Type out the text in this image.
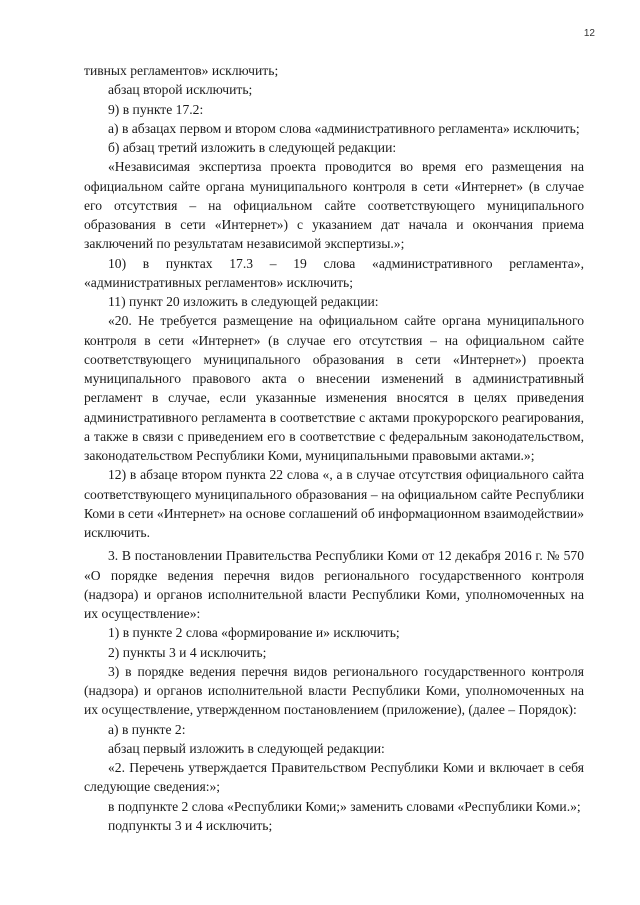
12

тивных регламентов» исключить;

абзац второй исключить;

9) в пункте 17.2:

а) в абзацах первом и втором слова «административного регламента» исключить;

б) абзац третий изложить в следующей редакции:

«Независимая экспертиза проекта проводится во время его размещения на официальном сайте органа муниципального контроля в сети «Интернет» (в случае его отсутствия – на официальном сайте соответствующего муниципального образования в сети «Интернет») с указанием дат начала и окончания приема заключений по результатам независимой экспертизы.»;

10) в пунктах 17.3 – 19 слова «административного регламента», «административных регламентов» исключить;

11) пункт 20 изложить в следующей редакции:

«20. Не требуется размещение на официальном сайте органа муниципального контроля в сети «Интернет» (в случае его отсутствия – на официальном сайте соответствующего муниципального образования в сети «Интернет») проекта муниципального правового акта о внесении изменений в административный регламент в случае, если указанные изменения вносятся в целях приведения административного регламента в соответствие с актами прокурорского реагирования, а также в связи с приведением его в соответствие с федеральным законодательством, законодательством Республики Коми, муниципальными правовыми актами.»;

12) в абзаце втором пункта 22 слова «, а в случае отсутствия официального сайта соответствующего муниципального образования – на официальном сайте Республики Коми в сети «Интернет» на основе соглашений об информационном взаимодействии» исключить.

3. В постановлении Правительства Республики Коми от 12 декабря 2016 г. № 570 «О порядке ведения перечня видов регионального государственного контроля (надзора) и органов исполнительной власти Республики Коми, уполномоченных на их осуществление»:

1) в пункте 2 слова «формирование и» исключить;

2) пункты 3 и 4 исключить;

3) в порядке ведения перечня видов регионального государственного контроля (надзора) и органов исполнительной власти Республики Коми, уполномоченных на их осуществление, утвержденном постановлением (приложение), (далее – Порядок):

а) в пункте 2:

абзац первый изложить в следующей редакции:

«2. Перечень утверждается Правительством Республики Коми и включает в себя следующие сведения:»;

в подпункте 2 слова «Республики Коми;» заменить словами «Республики Коми.»;

подпункты 3 и 4 исключить;
